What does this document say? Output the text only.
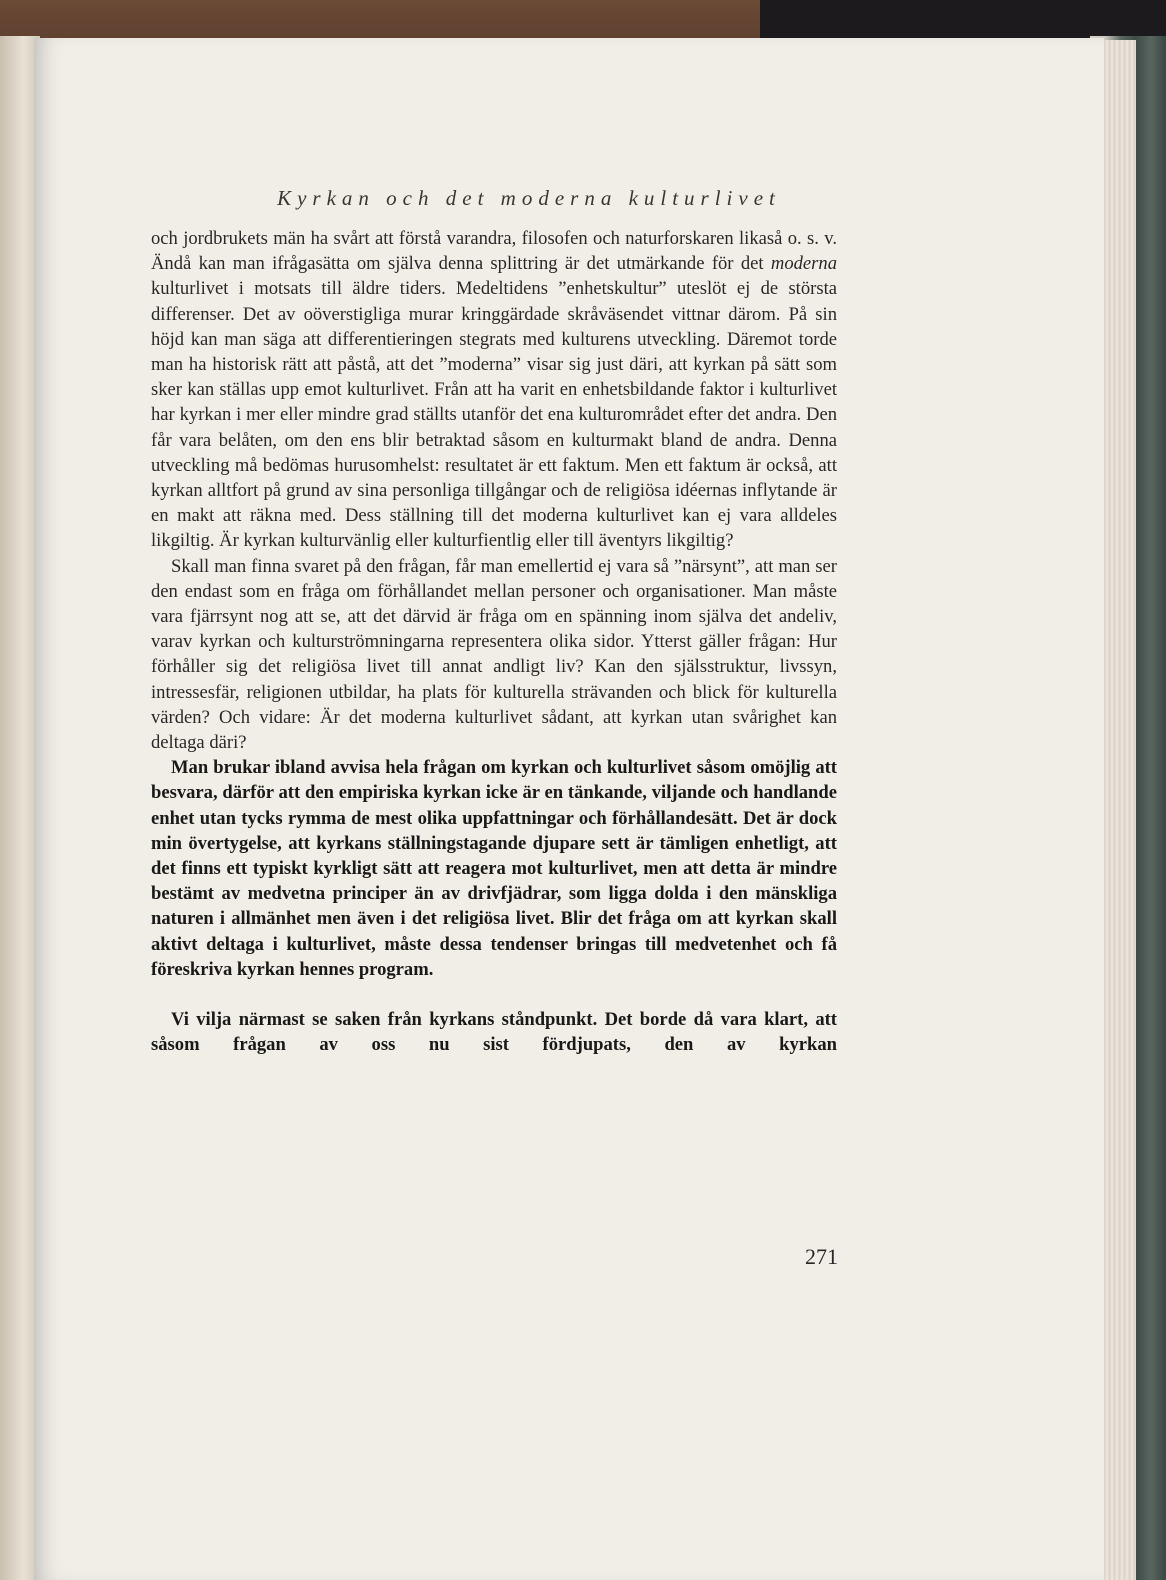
Kyrkan och det moderna kulturlivet

och jordbrukets män ha svårt att förstå varandra, filosofen och naturforskaren likaså o. s. v. Ändå kan man ifrågasätta om själva denna splittring är det utmärkande för det moderna kulturlivet i motsats till äldre tiders. Medeltidens ”enhetskultur” uteslöt ej de största differenser. Det av oöverstigliga murar kringgärdade skråväsendet vittnar därom. På sin höjd kan man säga att differentieringen stegrats med kulturens utveckling. Däremot torde man ha historisk rätt att påstå, att det ”moderna” visar sig just däri, att kyrkan på sätt som sker kan ställas upp emot kulturlivet. Från att ha varit en enhetsbildande faktor i kulturlivet har kyrkan i mer eller mindre grad ställts utanför det ena kulturområdet efter det andra. Den får vara belåten, om den ens blir betraktad såsom en kulturmakt bland de andra. Denna utveckling må bedömas hurusomhelst: resultatet är ett faktum. Men ett faktum är också, att kyrkan alltfort på grund av sina personliga tillgångar och de religiösa idéernas inflytande är en makt att räkna med. Dess ställning till det moderna kulturlivet kan ej vara alldeles likgiltig. Är kyrkan kulturvänlig eller kulturfientlig eller till äventyrs likgiltig?

Skall man finna svaret på den frågan, får man emellertid ej vara så ”närsynt”, att man ser den endast som en fråga om förhållandet mellan personer och organisationer. Man måste vara fjärrsynt nog att se, att det därvid är fråga om en spänning inom själva det andeliv, varav kyrkan och kulturströmningarna representera olika sidor. Ytterst gäller frågan: Hur förhåller sig det religiösa livet till annat andligt liv? Kan den själsstruktur, livssyn, intressesfär, religionen utbildar, ha plats för kulturella strävanden och blick för kulturella värden? Och vidare: Är det moderna kulturlivet sådant, att kyrkan utan svårighet kan deltaga däri?

Man brukar ibland avvisa hela frågan om kyrkan och kulturlivet såsom omöjlig att besvara, därför att den empiriska kyrkan icke är en tänkande, viljande och handlande enhet utan tycks rymma de mest olika uppfattningar och förhållandesätt. Det är dock min övertygelse, att kyrkans ställningstagande djupare sett är tämligen enhetligt, att det finns ett typiskt kyrkligt sätt att reagera mot kulturlivet, men att detta är mindre bestämt av medvetna principer än av drivfjädrar, som ligga dolda i den mänskliga naturen i allmänhet men även i det religiösa livet. Blir det fråga om att kyrkan skall aktivt deltaga i kulturlivet, måste dessa tendenser bringas till medvetenhet och få föreskriva kyrkan hennes program.

Vi vilja närmast se saken från kyrkans ståndpunkt. Det borde då vara klart, att såsom frågan av oss nu sist fördjupats, den av kyrkan

271
